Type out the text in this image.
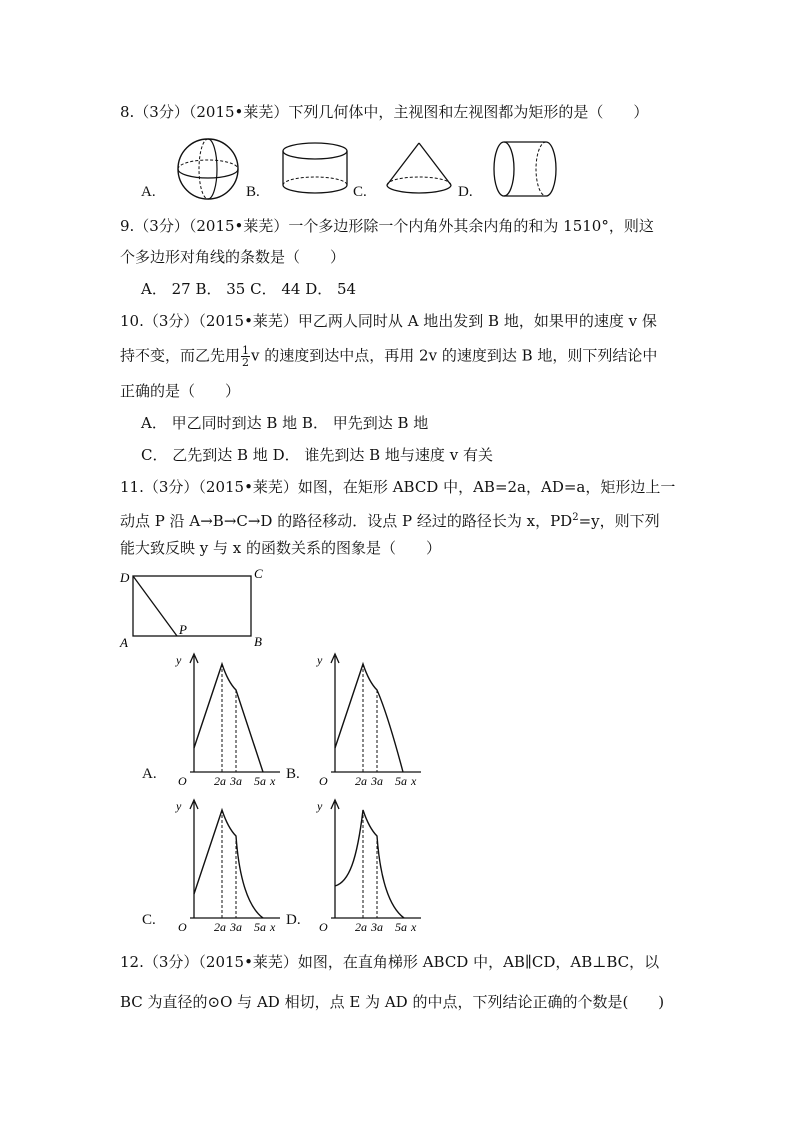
8.（3分）（2015•莱芜）下列几何体中，主视图和左视图都为矩形的是（　　）
A.	B.	C.	D.
9.（3分）（2015•莱芜）一个多边形除一个内角外其余内角的和为 1510°，则这
个多边形对角线的条数是（　　）
A． 27 B． 35 C． 44 D． 54
10.（3分）（2015•莱芜）甲乙两人同时从 A 地出发到 B 地，如果甲的速度 v 保
持不变，而乙先用 $\frac{1}{2}$ v 的速度到达中点，再用 2v 的速度到达 B 地，则下列结论中
正确的是（　　）
A． 甲乙同时到达 B 地 B． 甲先到达 B 地
C． 乙先到达 B 地 D． 谁先到达 B 地与速度 v 有关
11.（3分）（2015•莱芜）如图，在矩形 ABCD 中，AB=2a，AD=a，矩形边上一
动点 P 沿 A→B→C→D 的路径移动．设点 P 经过的路径长为 x，$PD^2=y$，则下列
能大致反映 y 与 x 的函数关系的图象是（　　）
D	C
A	B
P
A.
y
O 2a 3a 5a x B.
y
O 2a 3a 5a x
C.
y
O 2a 3a 5a x D.
y
O 2a 3a 5a x
12.（3分）（2015•莱芜）如图，在直角梯形 ABCD 中，AB∥CD，AB⊥BC，以
BC 为直径的⊙O 与 AD 相切，点 E 为 AD 的中点，下列结论正确的个数是(　　)
